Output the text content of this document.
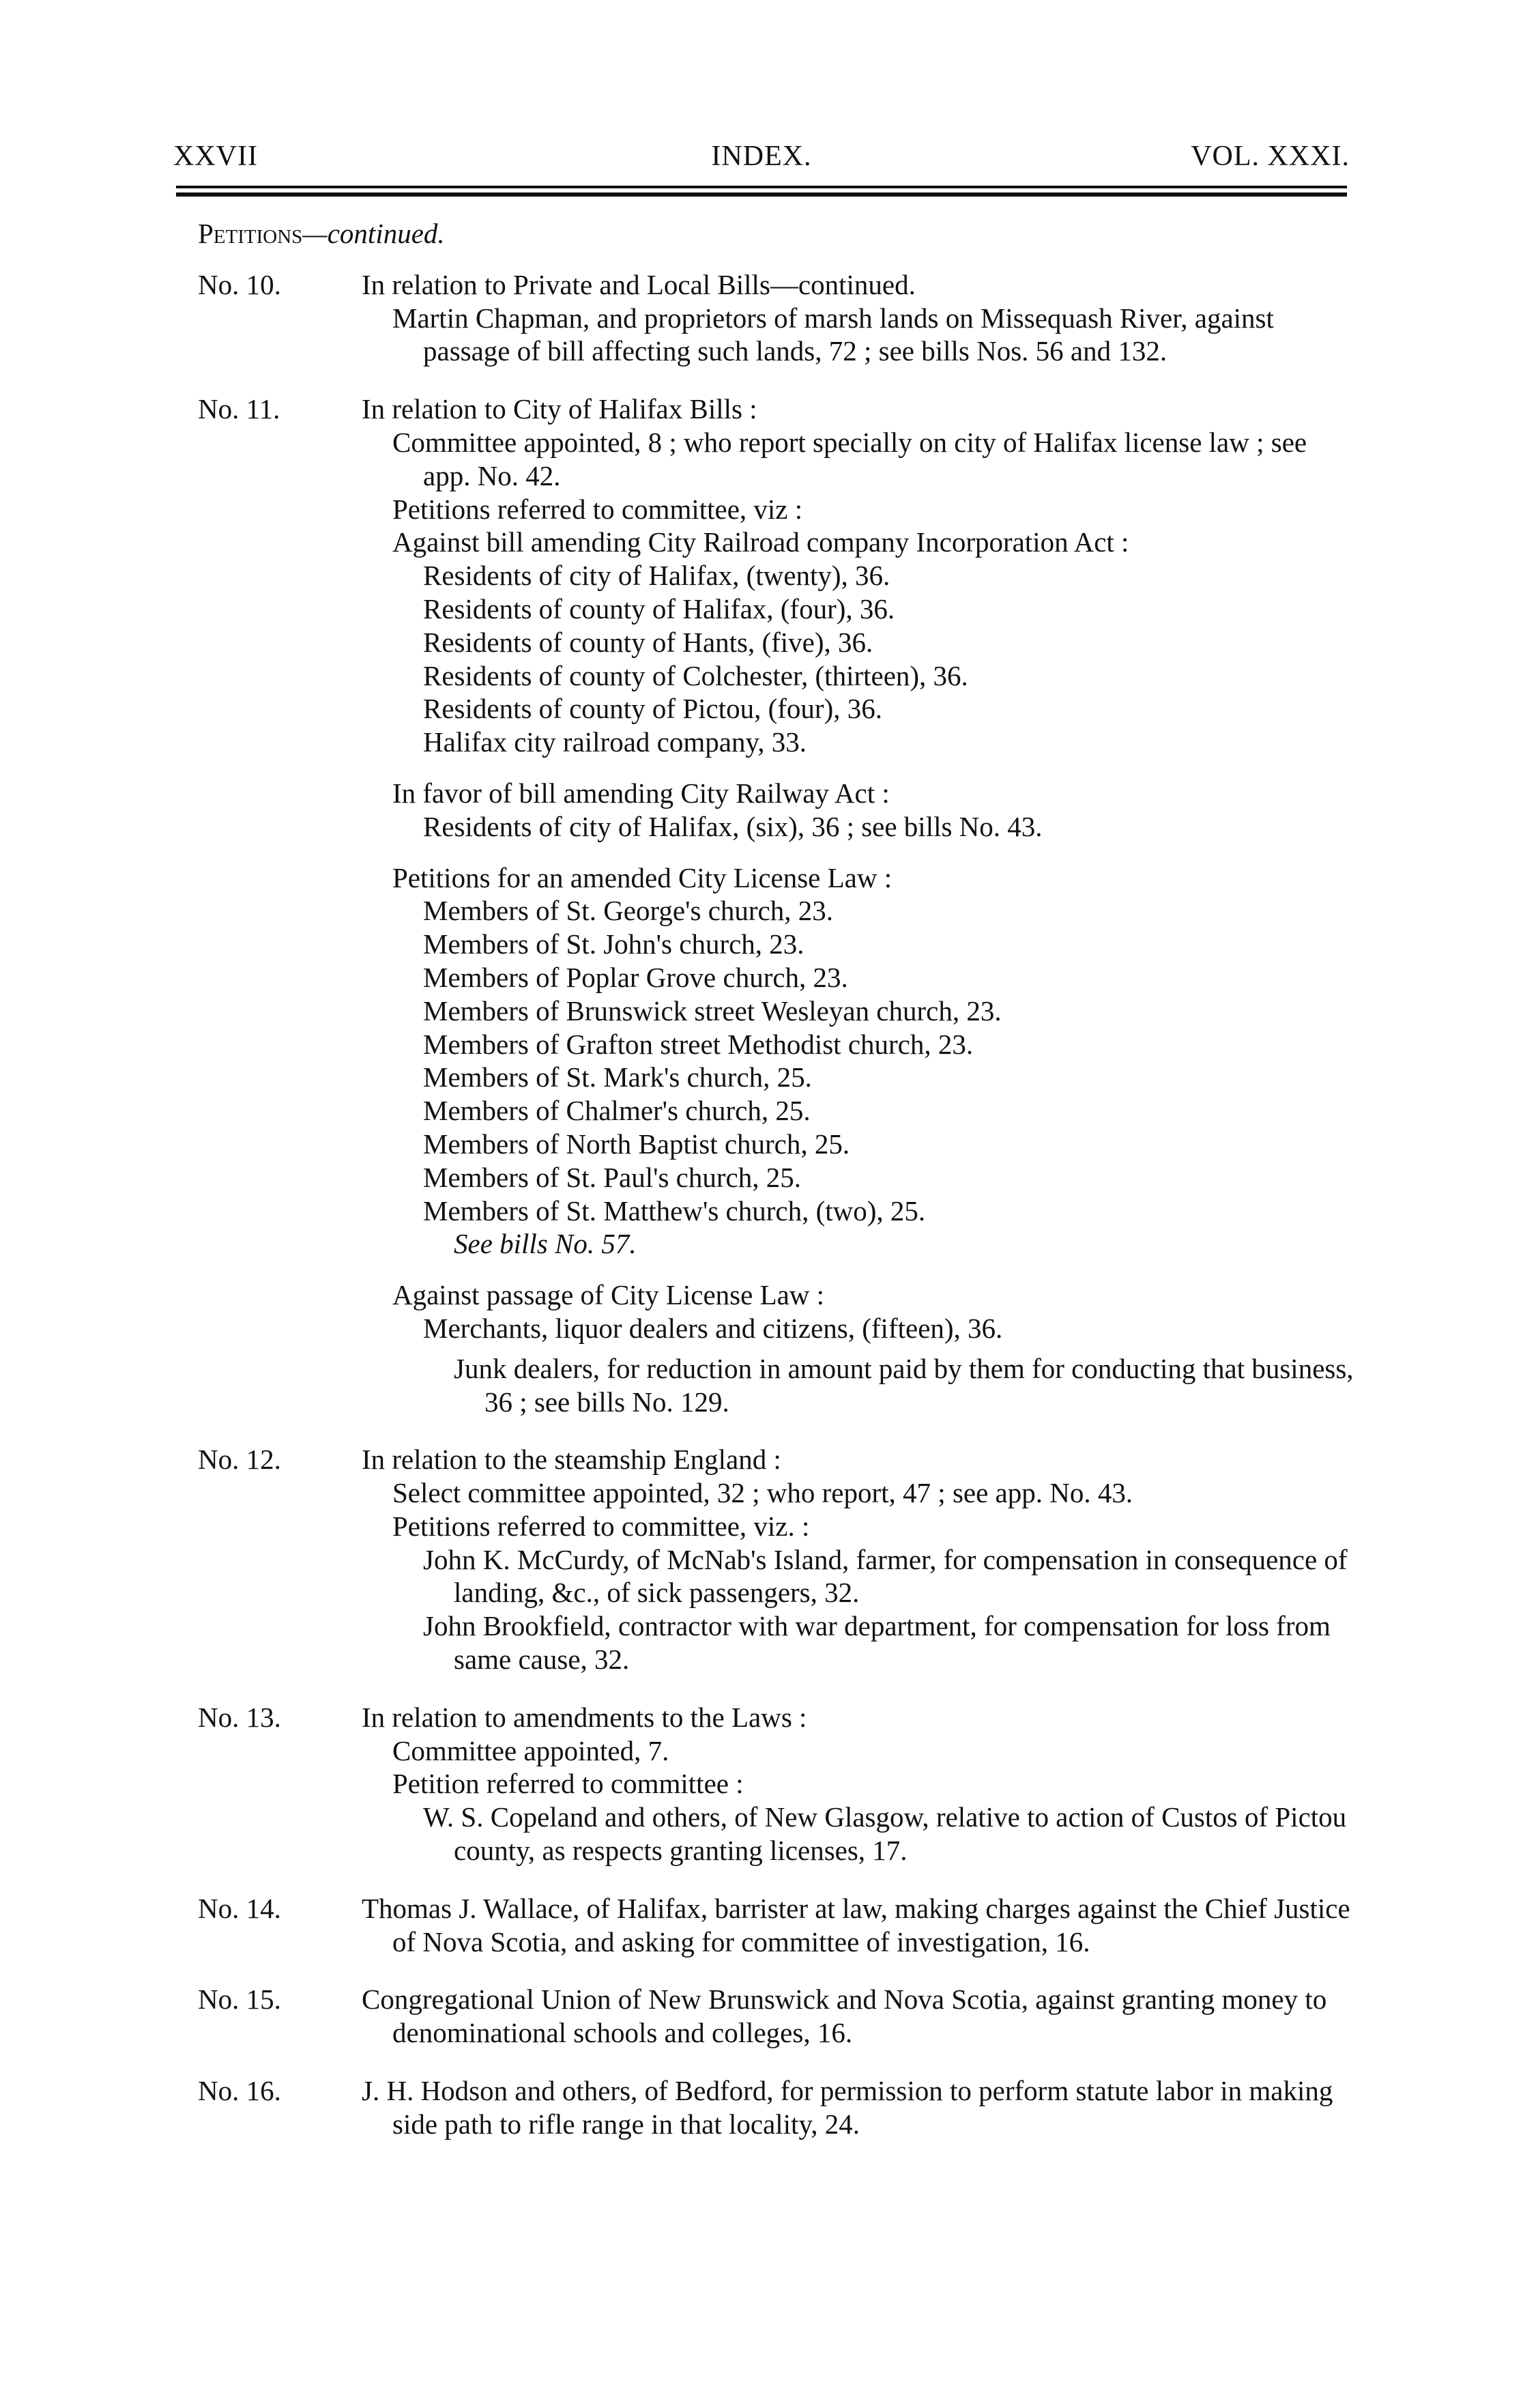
XXVII	INDEX.	VOL. XXXI.
Petitions—continued.
No. 10.	In relation to Private and Local Bills—continued.
Martin Chapman, and proprietors of marsh lands on Missequash River, against passage of bill affecting such lands, 72 ; see bills Nos. 56 and 132.
No. 11.	In relation to City of Halifax Bills :
Committee appointed, 8 ; who report specially on city of Halifax license law ; see app. No. 42.
Petitions referred to committee, viz :
Against bill amending City Railroad company Incorporation Act :
Residents of city of Halifax, (twenty), 36.
Residents of county of Halifax, (four), 36.
Residents of county of Hants, (five), 36.
Residents of county of Colchester, (thirteen), 36.
Residents of county of Pictou, (four), 36.
Halifax city railroad company, 33.
In favor of bill amending City Railway Act :
Residents of city of Halifax, (six), 36 ; see bills No. 43.
Petitions for an amended City License Law :
Members of St. George's church, 23.
Members of St. John's church, 23.
Members of Poplar Grove church, 23.
Members of Brunswick street Wesleyan church, 23.
Members of Grafton street Methodist church, 23.
Members of St. Mark's church, 25.
Members of Chalmer's church, 25.
Members of North Baptist church, 25.
Members of St. Paul's church, 25.
Members of St. Matthew's church, (two), 25.
See bills No. 57.
Against passage of City License Law :
Merchants, liquor dealers and citizens, (fifteen), 36.
Junk dealers, for reduction in amount paid by them for conducting that business, 36 ; see bills No. 129.
No. 12.	In relation to the steamship England :
Select committee appointed, 32 ; who report, 47 ; see app. No. 43.
Petitions referred to committee, viz. :
John K. McCurdy, of McNab's Island, farmer, for compensation in consequence of landing, &c., of sick passengers, 32.
John Brookfield, contractor with war department, for compensation for loss from same cause, 32.
No. 13.	In relation to amendments to the Laws :
Committee appointed, 7.
Petition referred to committee :
W. S. Copeland and others, of New Glasgow, relative to action of Custos of Pictou county, as respects granting licenses, 17.
No. 14.	Thomas J. Wallace, of Halifax, barrister at law, making charges against the Chief Justice of Nova Scotia, and asking for committee of investigation, 16.
No. 15.	Congregational Union of New Brunswick and Nova Scotia, against granting money to denominational schools and colleges, 16.
No. 16.	J. H. Hodson and others, of Bedford, for permission to perform statute labor in making side path to rifle range in that locality, 24.
